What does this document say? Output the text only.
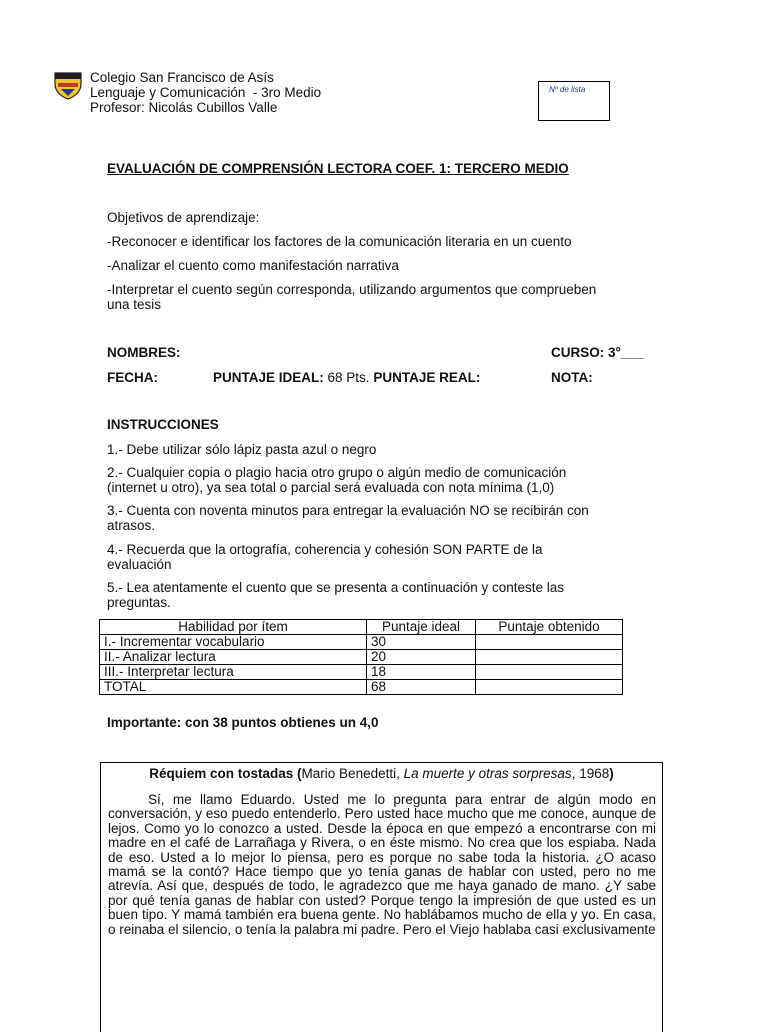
Colegio San Francisco de Asís
Lenguaje y Comunicación  - 3ro Medio
Profesor: Nicolás Cubillos Valle
Nº de lista
EVALUACIÓN DE COMPRENSIÓN LECTORA COEF. 1: TERCERO MEDIO
Objetivos de aprendizaje:
-Reconocer e identificar los factores de la comunicación literaria en un cuento
-Analizar el cuento como manifestación narrativa
-Interpretar el cuento según corresponda, utilizando argumentos que comprueben
una tesis
NOMBRES:	CURSO: 3°___
FECHA:	PUNTAJE IDEAL: 68 Pts. PUNTAJE REAL:	NOTA:
INSTRUCCIONES
1.- Debe utilizar sólo lápiz pasta azul o negro
2.- Cualquier copia o plagio hacia otro grupo o algún medio de comunicación
(internet u otro), ya sea total o parcial será evaluada con nota mínima (1,0)
3.- Cuenta con noventa minutos para entregar la evaluación NO se recibirán con
atrasos.
4.- Recuerda que la ortografía, coherencia y cohesión SON PARTE de la
evaluación
5.- Lea atentamente el cuento que se presenta a continuación y conteste las
preguntas.
Habilidad por ítem	Puntaje ideal	Puntaje obtenido
I.- Incrementar vocabulario	30	
II.- Analizar lectura	20	
III.- Interpretar lectura	18	
TOTAL	68	
Importante: con 38 puntos obtienes un 4,0
Réquiem con tostadas (Mario Benedetti, La muerte y otras sorpresas, 1968)

Sí, me llamo Eduardo. Usted me lo pregunta para entrar de algún modo en conversación, y eso puedo entenderlo. Pero usted hace mucho que me conoce, aunque de lejos. Como yo lo conozco a usted. Desde la época en que empezó a encontrarse con mi madre en el café de Larrañaga y Rivera, o en éste mismo. No crea que los espiaba. Nada de eso. Usted a lo mejor lo piensa, pero es porque no sabe toda la historia. ¿O acaso mamá se la contó? Hace tiempo que yo tenía ganas de hablar con usted, pero no me atrevía. Así que, después de todo, le agradezco que me haya ganado de mano. ¿Y sabe por qué tenía ganas de hablar con usted? Porque tengo la impresión de que usted es un buen tipo. Y mamá también era buena gente. No hablábamos mucho de ella y yo. En casa, o reinaba el silencio, o tenía la palabra mi padre. Pero el Viejo hablaba casi exclusivamente
